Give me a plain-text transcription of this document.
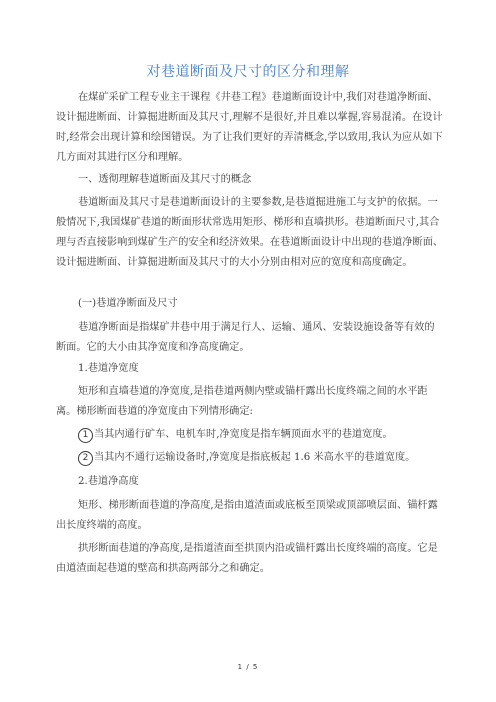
对巷道断面及尺寸的区分和理解
在煤矿采矿工程专业主干课程《井巷工程》巷道断面设计中,我们对巷道净断面、设计掘进断面、计算掘进断面及其尺寸,理解不是很好,并且难以掌握,容易混淆。在设计时,经常会出现计算和绘图错误。为了让我们更好的弄清概念,学以致用,我认为应从如下几方面对其进行区分和理解。
一、透彻理解巷道断面及其尺寸的概念
巷道断面及其尺寸是巷道断面设计的主要参数,是巷道掘进施工与支护的依据。一般情况下,我国煤矿巷道的断面形状常选用矩形、梯形和直墙拱形。巷道断面尺寸,其合理与否直接影响到煤矿生产的安全和经济效果。在巷道断面设计中出现的巷道净断面、设计掘进断面、计算掘进断面及其尺寸的大小分别由相对应的宽度和高度确定。
(一)巷道净断面及尺寸
巷道净断面是指煤矿井巷中用于满足行人、运输、通风、安装设施设备等有效的断面。它的大小由其净宽度和净高度确定。
1.巷道净宽度
矩形和直墙巷道的净宽度,是指巷道两侧内壁或锚杆露出长度终端之间的水平距离。梯形断面巷道的净宽度由下列情形确定:
1 当其内通行矿车、电机车时,净宽度是指车辆顶面水平的巷道宽度。
2 当其内不通行运输设备时,净宽度是指底板起 1.6 米高水平的巷道宽度。
2.巷道净高度
矩形、梯形断面巷道的净高度,是指由道渣面或底板至顶梁或顶部喷层面、锚杆露出长度终端的高度。
拱形断面巷道的净高度,是指道渣面至拱顶内沿或锚杆露出长度终端的高度。它是由道渣面起巷道的壁高和拱高两部分之和确定。
1 / 5
